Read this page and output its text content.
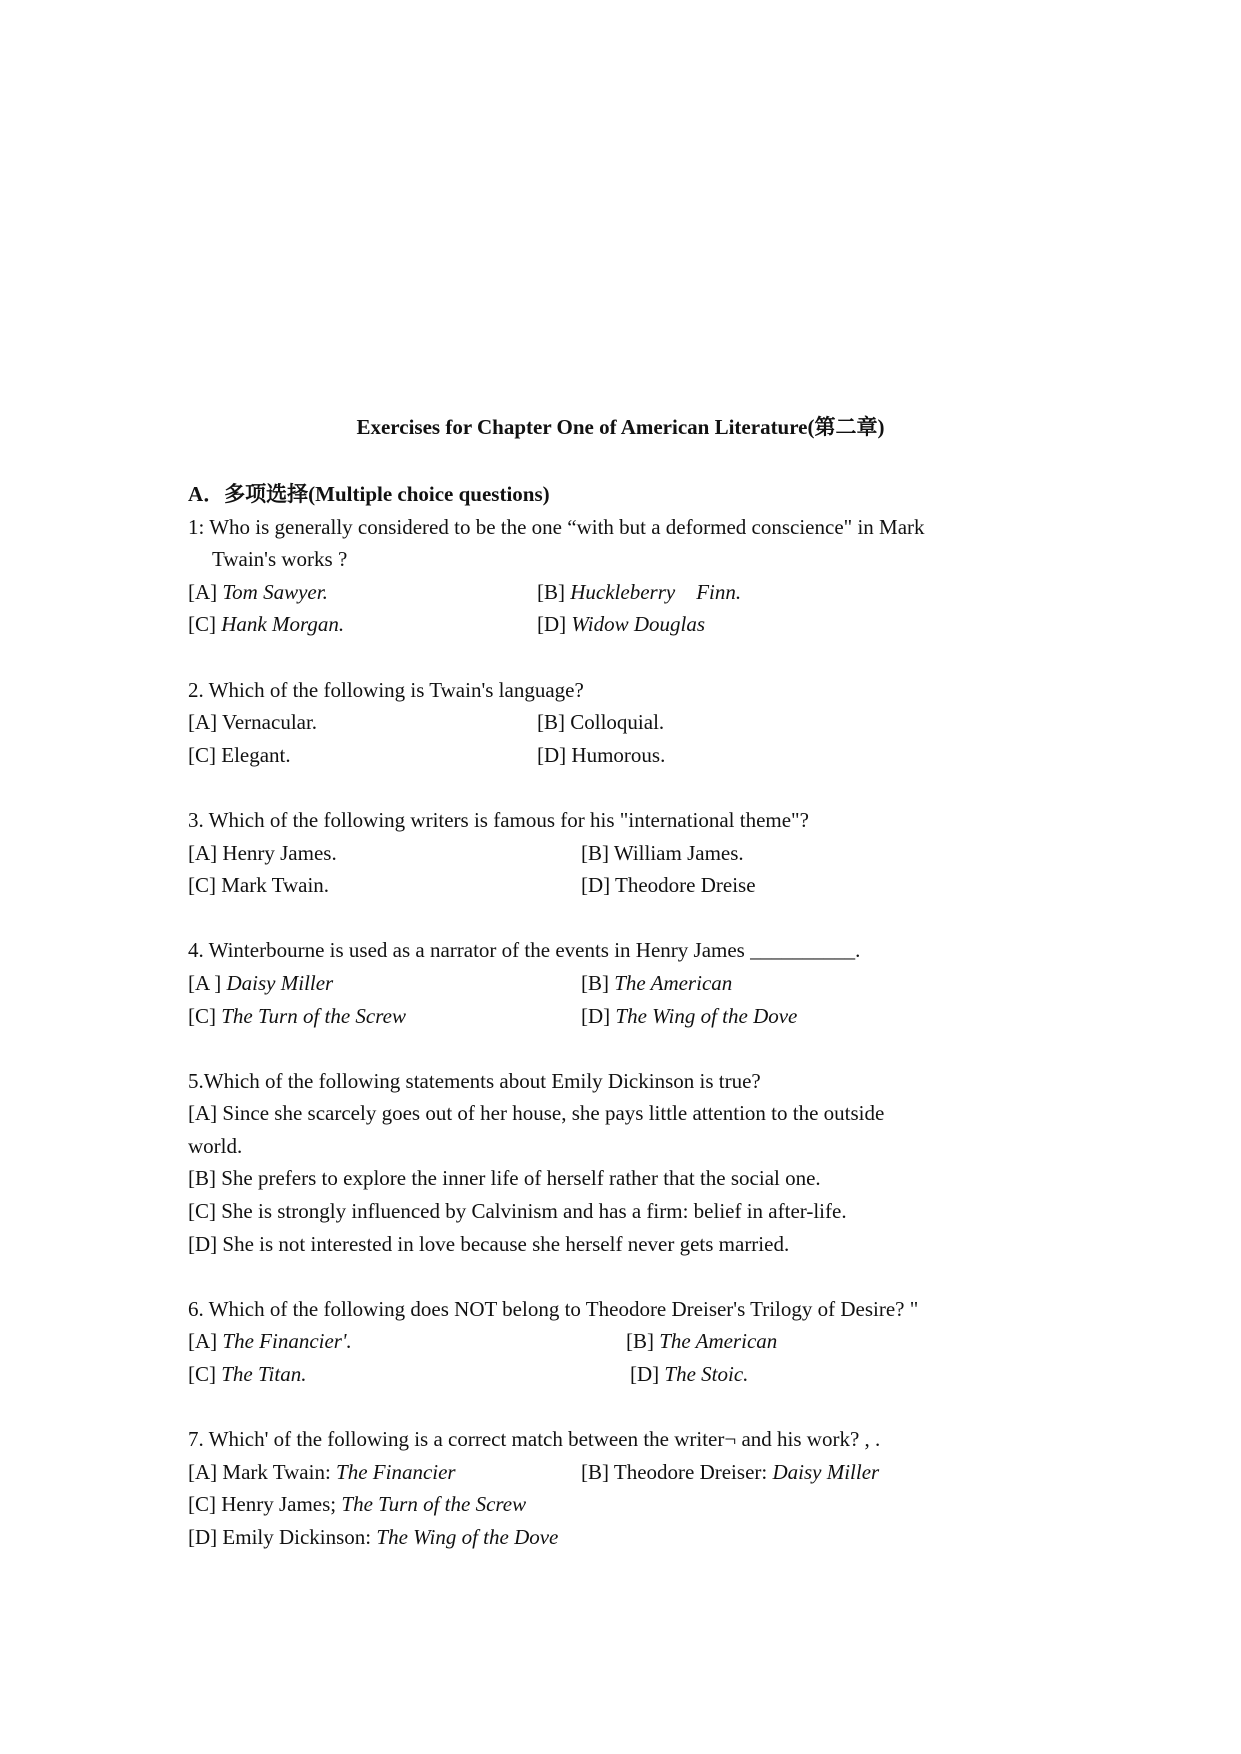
Exercises for Chapter One of American Literature(第二章)
A．多项选择(Multiple choice questions)
1: Who is generally considered to be the one “with but a deformed conscience" in Mark
Twain's works ?
[A] Tom Sawyer.	[B] Huckleberry    Finn.
[C] Hank Morgan.	[D] Widow Douglas
2. Which of the following is Twain's language?
[A] Vernacular.	[B] Colloquial.
[C] Elegant.	[D] Humorous.
3. Which of the following writers is famous for his "international theme"?
[A] Henry James.	[B] William James.
[C] Mark Twain.	[D] Theodore Dreise
4. Winterbourne is used as a narrator of the events in Henry James __________.
[A ] Daisy Miller	[B] The American
[C] The Turn of the Screw	[D] The Wing of the Dove
5.Which of the following statements about Emily Dickinson is true?
[A] Since she scarcely goes out of her house, she pays little attention to the outside
world.
[B] She prefers to explore the inner life of herself rather that the social one.
[C] She is strongly influenced by Calvinism and has a firm: belief in after-life.
[D] She is not interested in love because she herself never gets married.
6. Which of the following does NOT belong to Theodore Dreiser's Trilogy of Desire? "
[A] The Financier'.	[B] The American
[C] The Titan.	[D] The Stoic.
7. Which' of the following is a correct match between the writer¬ and his work? , .
[A] Mark Twain: The Financier	[B] Theodore Dreiser: Daisy Miller
[C] Henry James; The Turn of the Screw
[D] Emily Dickinson: The Wing of the Dove
